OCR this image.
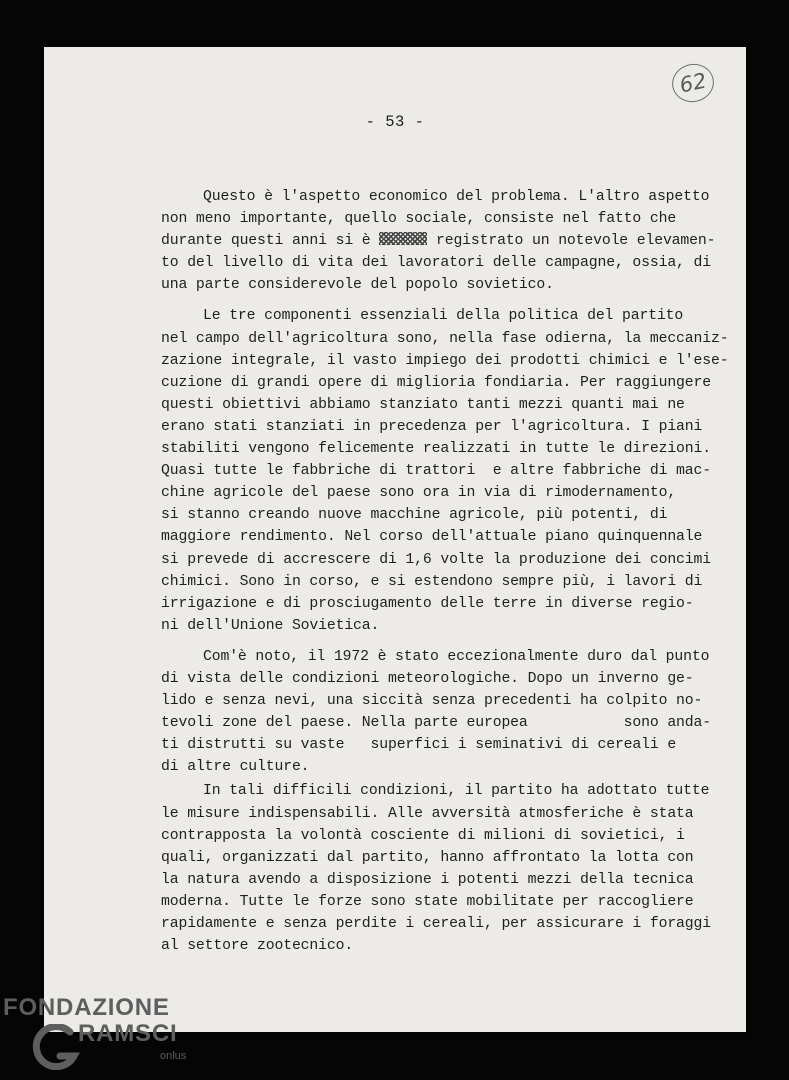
- 53 -
62

Questo è l'aspetto economico del problema. L'altro aspetto
non meno importante, quello sociale, consiste nel fatto che
durante questi anni si è	registrato un notevole elevamen-
to del livello di vita dei lavoratori delle campagne, ossia, di
una parte considerevole del popolo sovietico.

Le tre componenti essenziali della politica del partito
nel campo dell'agricoltura sono, nella fase odierna, la meccaniz-
zazione integrale, il vasto impiego dei prodotti chimici e l'ese-
cuzione di grandi opere di miglioria fondiaria. Per raggiungere
questi obiettivi abbiamo stanziato tanti mezzi quanti mai ne
erano stati stanziati in precedenza per l'agricoltura. I piani
stabiliti vengono felicemente realizzati in tutte le direzioni.
Quasi tutte le fabbriche di trattori  e altre fabbriche di mac-
chine agricole del paese sono ora in via di rimodernamento,
si stanno creando nuove macchine agricole, più potenti, di
maggiore rendimento. Nel corso dell'attuale piano quinquennale
si prevede di accrescere di 1,6 volte la produzione dei concimi
chimici. Sono in corso, e si estendono sempre più, i lavori di
irrigazione e di prosciugamento delle terre in diverse regio-
ni dell'Unione Sovietica.

Com'è noto, il 1972 è stato eccezionalmente duro dal punto
di vista delle condizioni meteorologiche. Dopo un inverno ge-
lido e senza nevi, una siccità senza precedenti ha colpito no-
tevoli zone del paese. Nella parte europea           sono anda-
ti distrutti su vaste   superfici i seminativi di cereali e
di altre culture.

In tali difficili condizioni, il partito ha adottato tutte
le misure indispensabili. Alle avversità atmosferiche è stata
contrapposta la volontà cosciente di milioni di sovietici, i
quali, organizzati dal partito, hanno affrontato la lotta con
la natura avendo a disposizione i potenti mezzi della tecnica
moderna. Tutte le forze sono state mobilitate per raccogliere
rapidamente e senza perdite i cereali, per assicurare i foraggi
al settore zootecnico.

FONDAZIONE
RAMSCI
onlus
